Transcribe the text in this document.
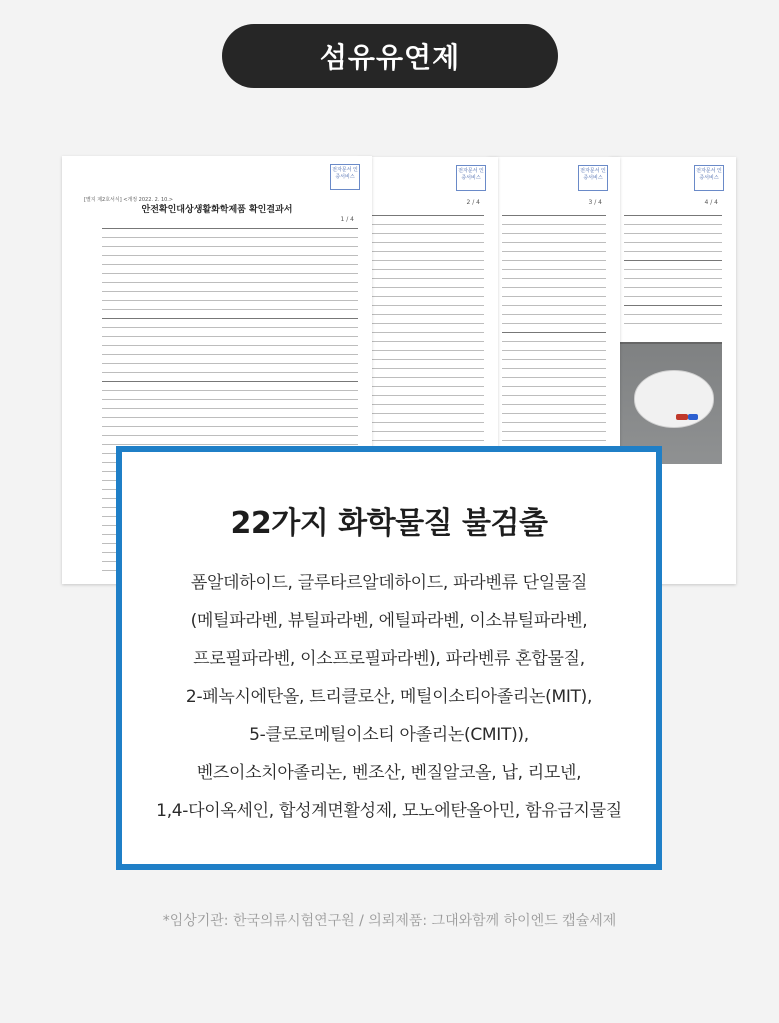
섬유유연제
전자문서 인증서비스
4 / 4
전자문서 인증서비스
3 / 4
전자문서 인증서비스
2 / 4
전자문서 인증서비스
[별지 제2호서식] <개정 2022. 2. 10.>
안전확인대상생활화학제품 확인결과서
1 / 4
22가지 화학물질 불검출
폼알데하이드, 글루타르알데하이드, 파라벤류 단일물질
(메틸파라벤, 뷰틸파라벤, 에틸파라벤, 이소뷰틸파라벤,
프로필파라벤, 이소프로필파라벤), 파라벤류 혼합물질,
2-페녹시에탄올, 트리클로산, 메틸이소티아졸리논(MIT),
5-클로로메틸이소티 아졸리논(CMIT)),
벤즈이소치아졸리논, 벤조산, 벤질알코올, 납, 리모넨,
1,4-다이옥세인, 합성계면활성제, 모노에탄올아민, 함유금지물질
*임상기관: 한국의류시험연구원 / 의뢰제품: 그대와함께 하이엔드 캡슐세제
